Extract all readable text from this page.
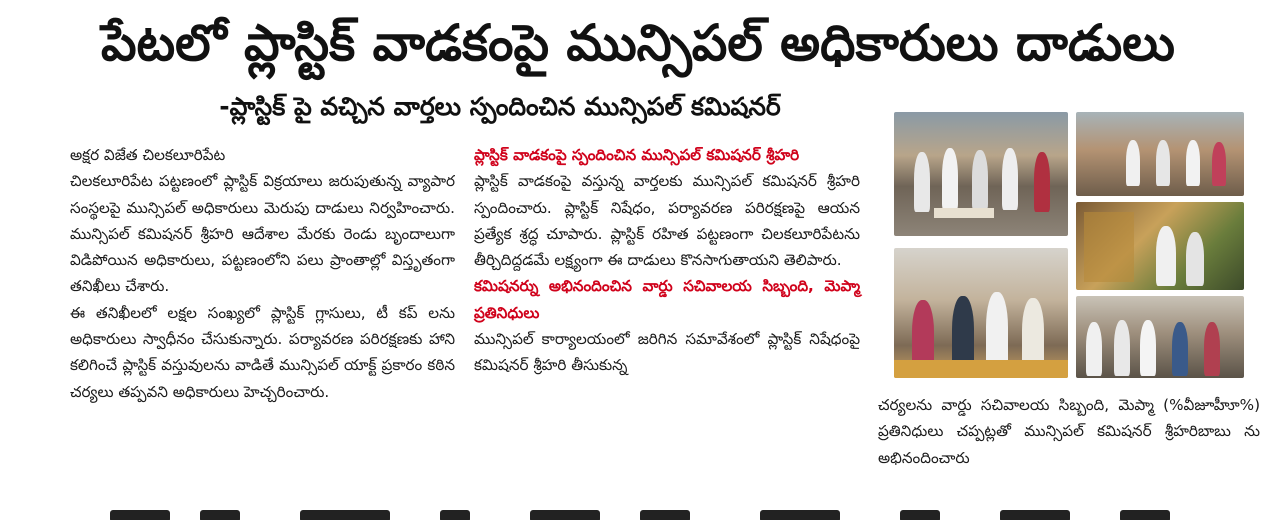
పేటలో ప్లాస్టిక్ వాడకంపై మున్సిపల్ అధికారులు దాడులు
-ప్లాస్టిక్ పై వచ్చిన వార్తలు స్పందించిన మున్సిపల్ కమిషనర్

అక్షర విజేత చిలకలూరిపేట

చిలకలూరిపేట పట్టణంలో ప్లాస్టిక్ విక్రయాలు జరుపుతున్న వ్యాపార సంస్థలపై మున్సిపల్ అధికారులు మెరుపు దాడులు నిర్వహించారు. మున్సిపల్ కమిషనర్ శ్రీహరి ఆదేశాల మేరకు రెండు బృందాలుగా విడిపోయిన అధికారులు, పట్టణంలోని పలు ప్రాంతాల్లో విస్తృతంగా తనిఖీలు చేశారు.

ఈ తనిఖీలలో లక్షల సంఖ్యలో ప్లాస్టిక్ గ్లాసులు, టీ కప్ లను అధికారులు స్వాధీనం చేసుకున్నారు. పర్యావరణ పరిరక్షణకు హాని కలిగించే ప్లాస్టిక్ వస్తువులను వాడితే మున్సిపల్ యాక్ట్ ప్రకారం కఠిన చర్యలు తప్పవని అధికారులు హెచ్చరించారు.

ప్లాస్టిక్ వాడకంపై స్పందించిన మున్సిపల్ కమిషనర్ శ్రీహరి

ప్లాస్టిక్ వాడకంపై వస్తున్న వార్తలకు మున్సిపల్ కమిషనర్ శ్రీహరి స్పందించారు. ప్లాస్టిక్ నిషేధం, పర్యావరణ పరిరక్షణపై ఆయన ప్రత్యేక శ్రద్ధ చూపారు. ప్లాస్టిక్ రహిత పట్టణంగా చిలకలూరిపేటను తీర్చిదిద్దడమే లక్ష్యంగా ఈ దాడులు కొనసాగుతాయని తెలిపారు.

కమిషనర్ను అభినందించిన వార్డు సచివాలయ సిబ్బంది, మెప్మా ప్రతినిధులు

మున్సిపల్ కార్యాలయంలో జరిగిన సమావేశంలో ప్లాస్టిక్ నిషేధంపై కమిషనర్ శ్రీహరి తీసుకున్న

చర్యలను వార్డు సచివాలయ సిబ్బంది, మెప్మా (%వీజూహీూ%) ప్రతినిధులు చప్పట్లతో మున్సిపల్ కమిషనర్ శ్రీహరిబాబు ను అభినందించారు
